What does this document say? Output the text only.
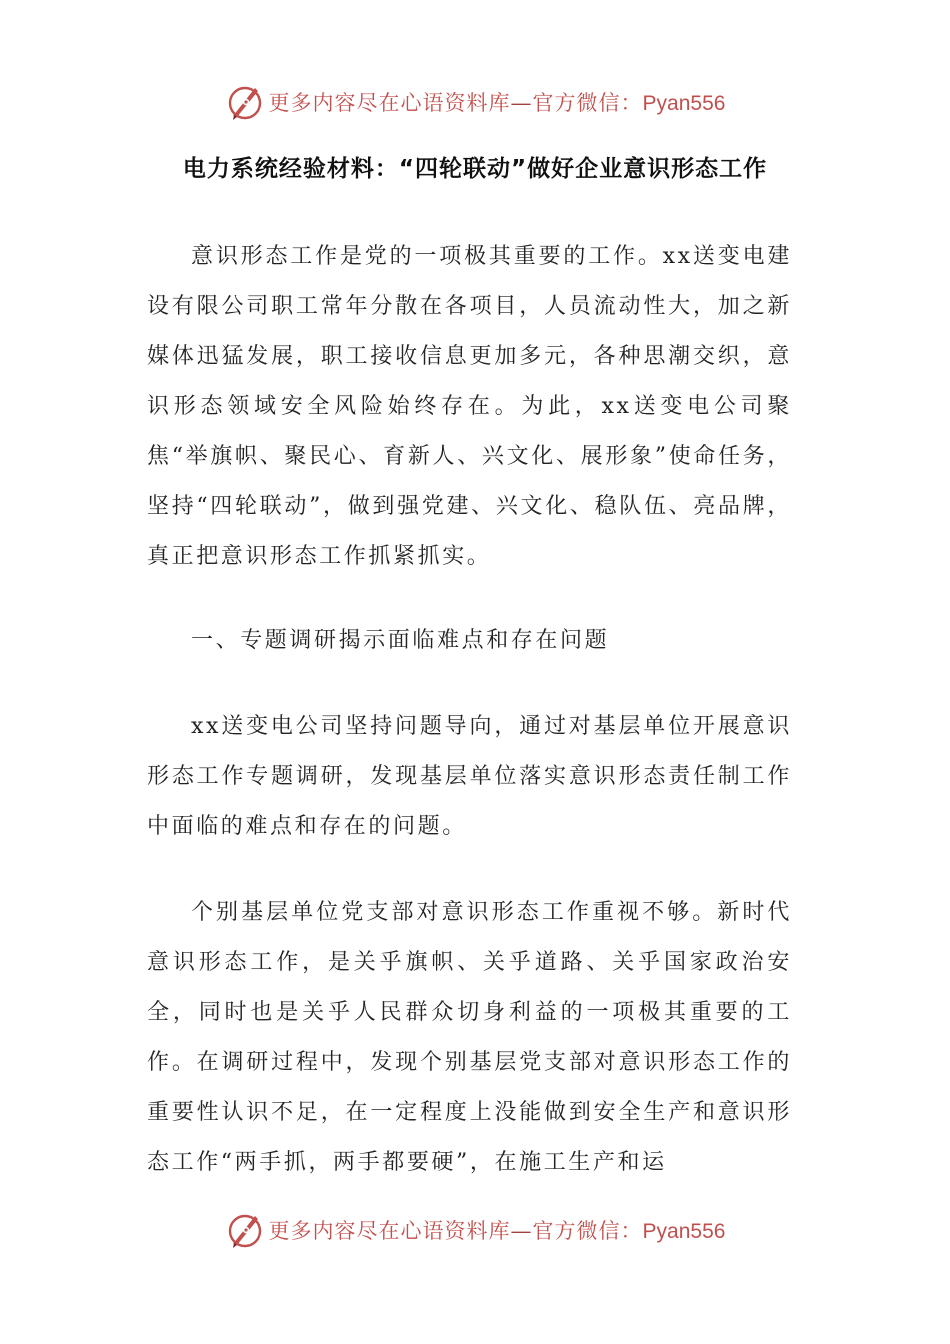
更多内容尽在心语资料库—官方微信：Pyan556
电力系统经验材料：“四轮联动”做好企业意识形态工作

意识形态工作是党的一项极其重要的工作。xx送变电建设有限公司职工常年分散在各项目，人员流动性大，加之新媒体迅猛发展，职工接收信息更加多元，各种思潮交织，意识形态领域安全风险始终存在。为此，xx送变电公司聚焦“举旗帜、聚民心、育新人、兴文化、展形象”使命任务，坚持“四轮联动”，做到强党建、兴文化、稳队伍、亮品牌，真正把意识形态工作抓紧抓实。

一、专题调研揭示面临难点和存在问题

xx送变电公司坚持问题导向，通过对基层单位开展意识形态工作专题调研，发现基层单位落实意识形态责任制工作中面临的难点和存在的问题。

个别基层单位党支部对意识形态工作重视不够。新时代意识形态工作，是关乎旗帜、关乎道路、关乎国家政治安全，同时也是关乎人民群众切身利益的一项极其重要的工作。在调研过程中，发现个别基层党支部对意识形态工作的重要性认识不足，在一定程度上没能做到安全生产和意识形态工作“两手抓，两手都要硬”，在施工生产和运

更多内容尽在心语资料库—官方微信：Pyan556
